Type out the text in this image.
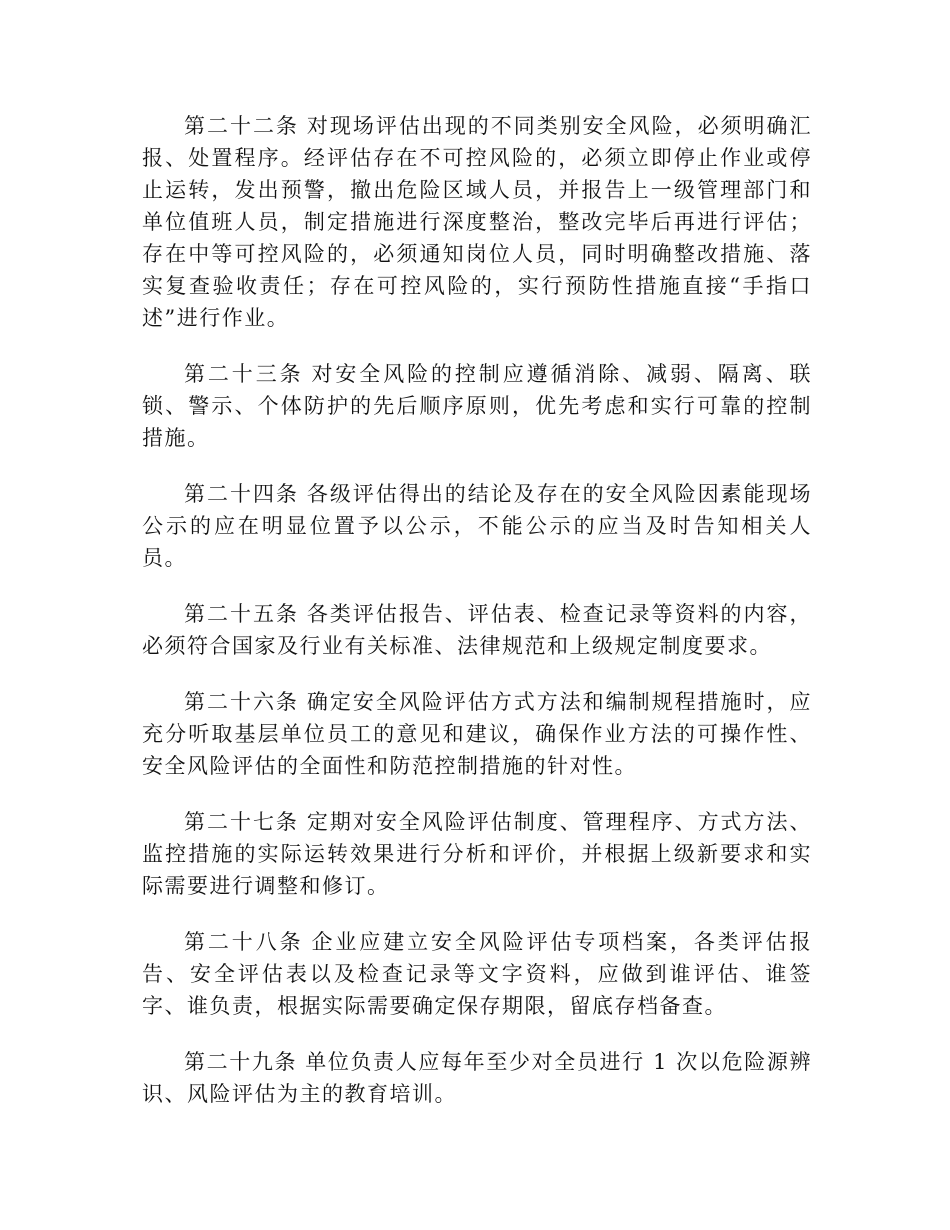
第二十二条 对现场评估出现的不同类别安全风险，必须明确汇报、处置程序。经评估存在不可控风险的，必须立即停止作业或停止运转，发出预警，撤出危险区域人员，并报告上一级管理部门和单位值班人员，制定措施进行深度整治，整改完毕后再进行评估；存在中等可控风险的，必须通知岗位人员，同时明确整改措施、落实复查验收责任；存在可控风险的，实行预防性措施直接“手指口述”进行作业。

第二十三条 对安全风险的控制应遵循消除、减弱、隔离、联锁、警示、个体防护的先后顺序原则，优先考虑和实行可靠的控制措施。

第二十四条 各级评估得出的结论及存在的安全风险因素能现场公示的应在明显位置予以公示，不能公示的应当及时告知相关人员。

第二十五条 各类评估报告、评估表、检查记录等资料的内容，必须符合国家及行业有关标准、法律规范和上级规定制度要求。

第二十六条 确定安全风险评估方式方法和编制规程措施时，应充分听取基层单位员工的意见和建议，确保作业方法的可操作性、安全风险评估的全面性和防范控制措施的针对性。

第二十七条 定期对安全风险评估制度、管理程序、方式方法、监控措施的实际运转效果进行分析和评价，并根据上级新要求和实际需要进行调整和修订。

第二十八条 企业应建立安全风险评估专项档案，各类评估报告、安全评估表以及检查记录等文字资料，应做到谁评估、谁签字、谁负责，根据实际需要确定保存期限，留底存档备查。

第二十九条 单位负责人应每年至少对全员进行 1 次以危险源辨识、风险评估为主的教育培训。
